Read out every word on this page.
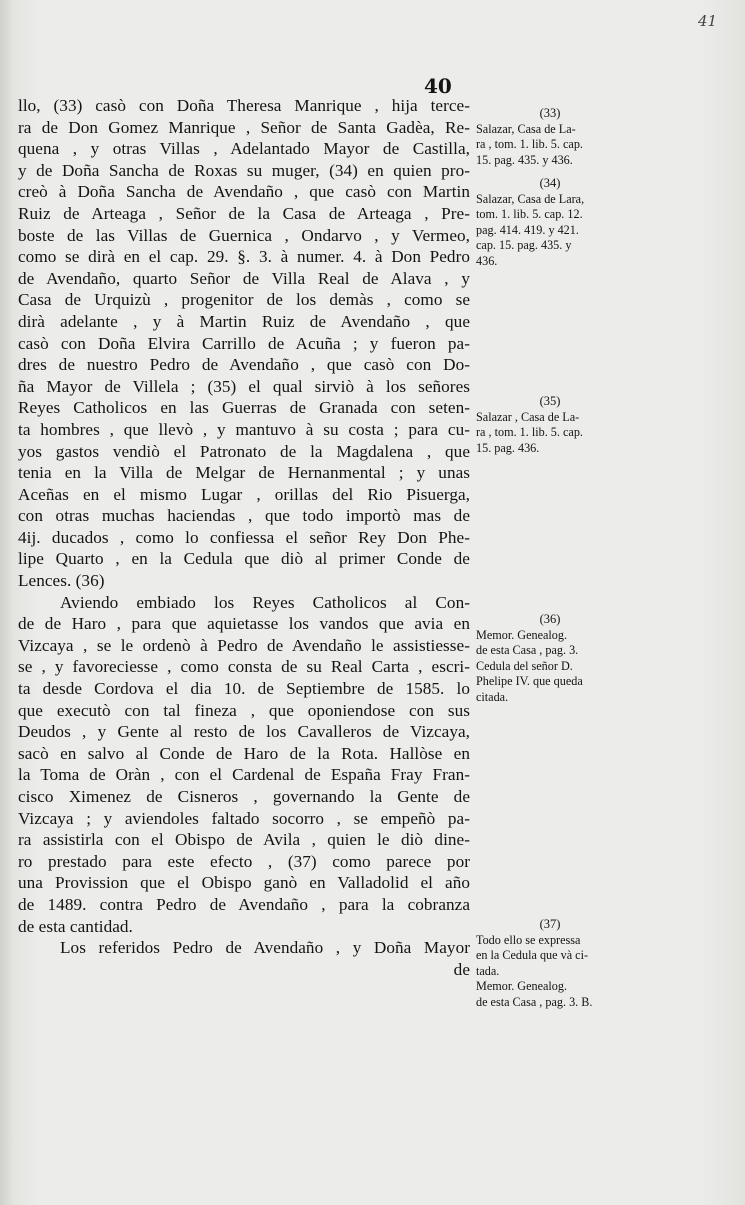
41
40
llo, (33) casò con Doña Theresa Manrique , hija terce-
ra de Don Gomez Manrique , Señor de Santa Gadèa, Re-
quena , y otras Villas , Adelantado Mayor de Castilla,
y de Doña Sancha de Roxas su muger, (34) en quien pro-
creò à Doña Sancha de Avendaño , que casò con Martin
Ruiz de Arteaga , Señor de la Casa de Arteaga , Pre-
boste de las Villas de Guernica , Ondarvo , y Vermeo,
como se dirà en el cap. 29. §. 3. à numer. 4. à Don Pedro
de Avendaño, quarto Señor de Villa Real de Alava , y
Casa de Urquizù , progenitor de los demàs , como se
dirà adelante , y à Martin Ruiz de Avendaño , que
casò con Doña Elvira Carrillo de Acuña ; y fueron pa-
dres de nuestro Pedro de Avendaño , que casò con Do-
ña Mayor de Villela ; (35) el qual sirviò à los señores
Reyes Catholicos en las Guerras de Granada con seten-
ta hombres , que llevò , y mantuvo à su costa ; para cu-
yos gastos vendiò el Patronato de la Magdalena , que
tenia en la Villa de Melgar de Hernanmental ; y unas
Aceñas en el mismo Lugar , orillas del Rio Pisuerga,
con otras muchas haciendas , que todo importò mas de
4ij. ducados , como lo confiessa el señor Rey Don Phe-
lipe Quarto , en la Cedula que diò al primer Conde de
Lences. (36)
Aviendo embiado los Reyes Catholicos al Con-
de de Haro , para que aquietasse los vandos que avia en
Vizcaya , se le ordenò à Pedro de Avendaño le assistiesse-
se , y favoreciesse , como consta de su Real Carta , escri-
ta desde Cordova el dia 10. de Septiembre de 1585. lo
que executò con tal fineza , que oponiendose con sus
Deudos , y Gente al resto de los Cavalleros de Vizcaya,
sacò en salvo al Conde de Haro de la Rota. Hallòse en
la Toma de Oràn , con el Cardenal de España Fray Fran-
cisco Ximenez de Cisneros , governando la Gente de
Vizcaya ; y aviendoles faltado socorro , se empeñò pa-
ra assistirla con el Obispo de Avila , quien le diò dine-
ro prestado para este efecto , (37) como parece por
una Provission que el Obispo ganò en Valladolid el año
de 1489. contra Pedro de Avendaño , para la cobranza
de esta cantidad.
Los referidos Pedro de Avendaño , y Doña Mayor
de
(33)
Salazar, Casa de La-
ra , tom. 1. lib. 5. cap.
15. pag. 435. y 436.
(34)
Salazar, Casa de Lara,
tom. 1. lib. 5. cap. 12.
pag. 414. 419. y 421.
cap. 15. pag. 435. y
436.
(35)
Salazar , Casa de La-
ra , tom. 1. lib. 5. cap.
15. pag. 436.
(36)
Memor. Genealog.
de esta Casa , pag. 3.
Cedula del señor D.
Phelipe IV. que queda
citada.
(37)
Todo ello se expressa
en la Cedula que và ci-
tada.
Memor. Genealog.
de esta Casa , pag. 3. B.
